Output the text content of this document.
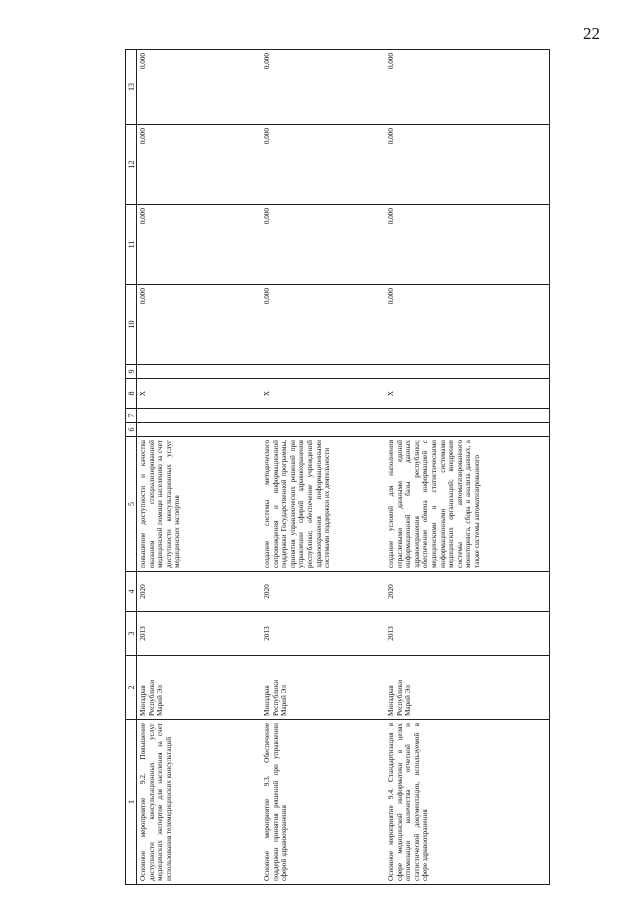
22
1	2	3	4	5	6	7	8	9	10	11	12	13
Основное мероприятие 9.2. Повышение доступности консультационных услуг медицинских экспертов для населения за счет использования телемедицинских консультаций	Минздрав Республики Марий Эл	2013	2020	повышение доступности и качества оказания специализированной медицинской помощи населению за счет доступности консультационных услуг медицинских экспертов			X		0,000	0,000	0,000	0,000
Основное мероприятие 9.3. Обеспечение поддержки принятия решений при управлении сферой здравоохранения	Минздрав Республики Марий Эл	2013	2020	создание системы методического сопровождения и информационной поддержки Государственной программы, принятия управленческих решений при управлении сферой здравоохранения республики; обеспечение учреждений здравоохранения информационными системами поддержки их деятельности			X		0,000	0,000	0,000	0,000
Основное мероприятие 9.4. Стандартизация в сфере медицинской информатики в целях оптимизации количества отчетной и статистической документации, используемой в сфере здравоохранения	Минздрав Республики Марий Эл	2013	2020	создание условий для наполнения отраслевыми данными единой информационной базы данных здравоохранения республики; обеспечение обмена информацией с медицинскими и статистическими информационными системами медицинских организаций; внедрение системы автоматизированного мониторинга, сбора и анализа данных, а также системы автоматизированного			X		0,000	0,000	0,000	0,000
